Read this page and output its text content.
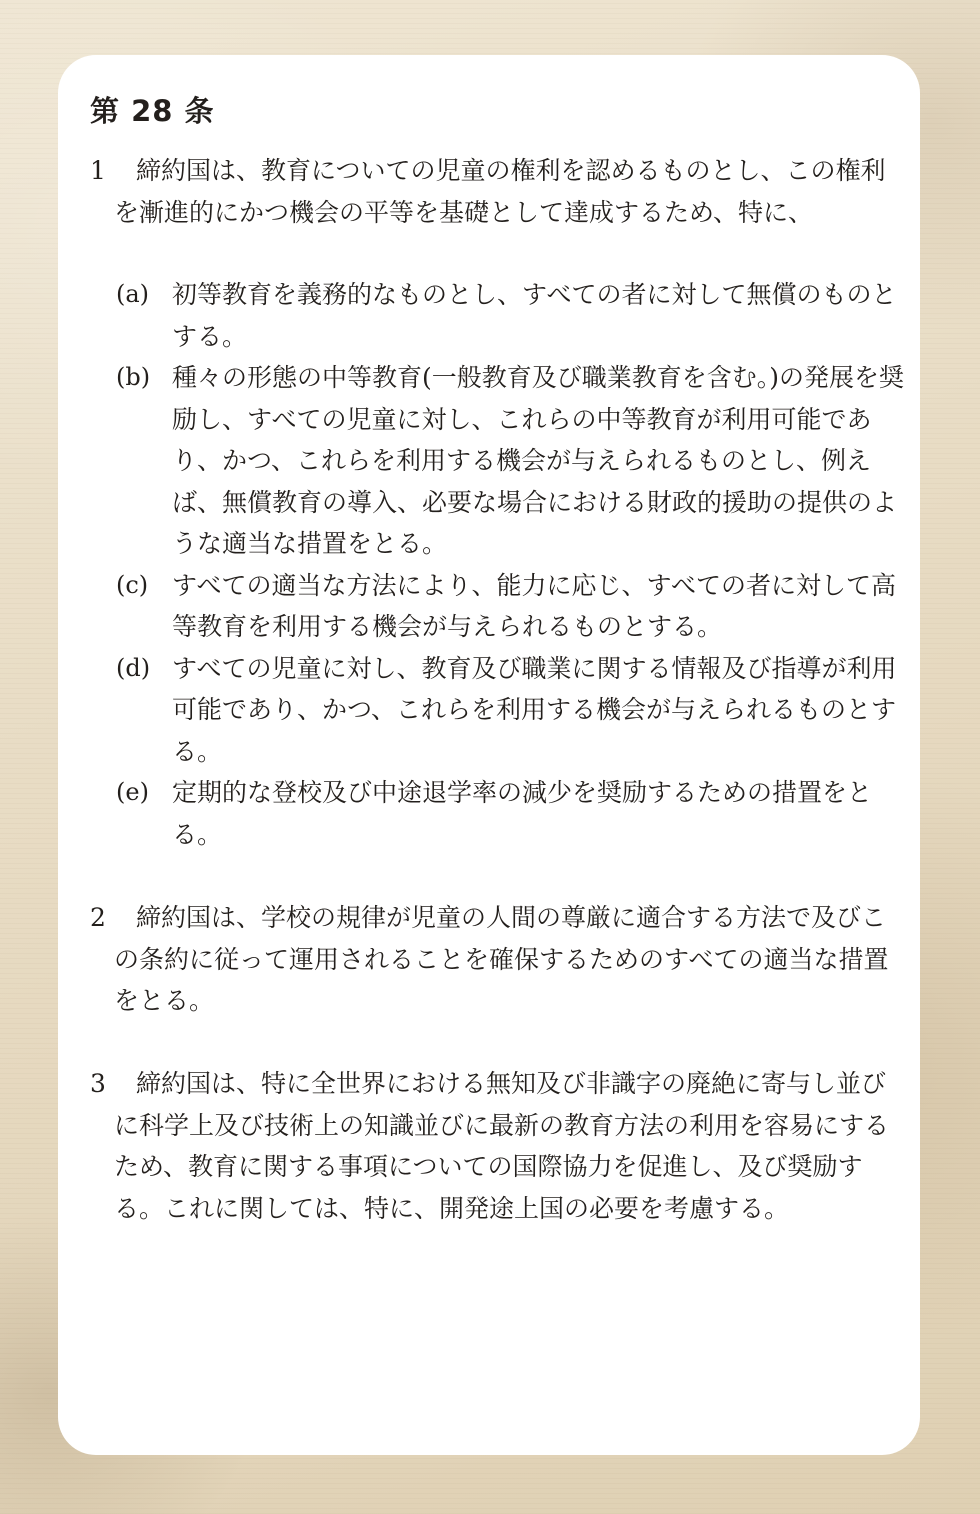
第 28 条
1 締約国は、教育についての児童の権利を認めるものとし、この権利を漸進的にかつ機会の平等を基礎として達成するため、特に、
(a) 初等教育を義務的なものとし、すべての者に対して無償のものとする。
(b) 種々の形態の中等教育(一般教育及び職業教育を含む。)の発展を奨励し、すべての児童に対し、これらの中等教育が利用可能であり、かつ、これらを利用する機会が与えられるものとし、例えば、無償教育の導入、必要な場合における財政的援助の提供のような適当な措置をとる。
(c) すべての適当な方法により、能力に応じ、すべての者に対して高等教育を利用する機会が与えられるものとする。
(d) すべての児童に対し、教育及び職業に関する情報及び指導が利用可能であり、かつ、これらを利用する機会が与えられるものとする。
(e) 定期的な登校及び中途退学率の減少を奨励するための措置をとる。
2 締約国は、学校の規律が児童の人間の尊厳に適合する方法で及びこの条約に従って運用されることを確保するためのすべての適当な措置をとる。
3 締約国は、特に全世界における無知及び非識字の廃絶に寄与し並びに科学上及び技術上の知識並びに最新の教育方法の利用を容易にするため、教育に関する事項についての国際協力を促進し、及び奨励する。これに関しては、特に、開発途上国の必要を考慮する。
